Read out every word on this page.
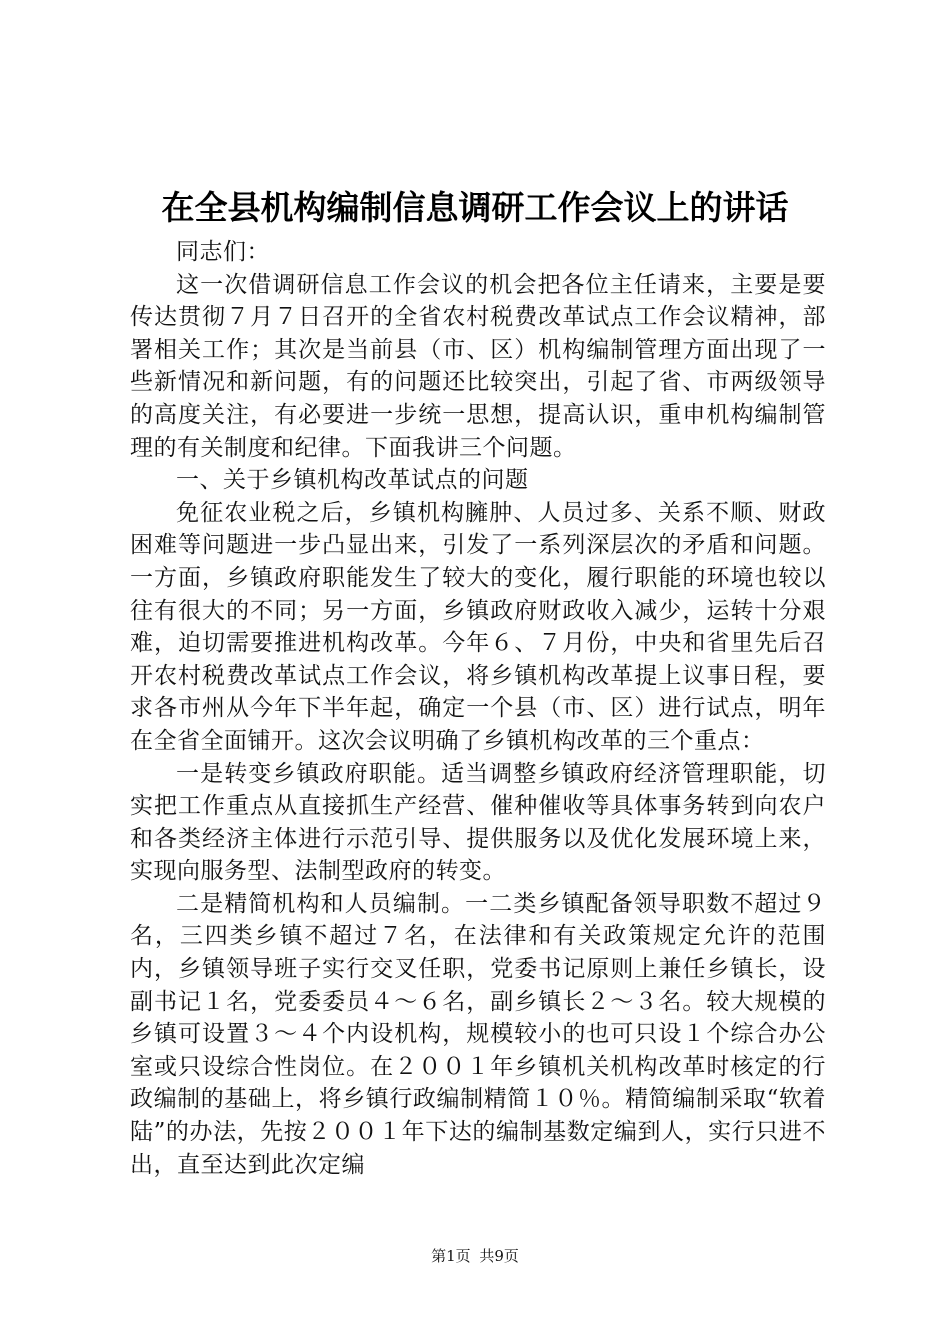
在全县机构编制信息调研工作会议上的讲话

同志们：

这一次借调研信息工作会议的机会把各位主任请来，主要是要传达贯彻７月７日召开的全省农村税费改革试点工作会议精神，部署相关工作；其次是当前县（市、区）机构编制管理方面出现了一些新情况和新问题，有的问题还比较突出，引起了省、市两级领导的高度关注，有必要进一步统一思想，提高认识，重申机构编制管理的有关制度和纪律。下面我讲三个问题。

一、关于乡镇机构改革试点的问题

免征农业税之后，乡镇机构臃肿、人员过多、关系不顺、财政困难等问题进一步凸显出来，引发了一系列深层次的矛盾和问题。一方面，乡镇政府职能发生了较大的变化，履行职能的环境也较以往有很大的不同；另一方面，乡镇政府财政收入减少，运转十分艰难，迫切需要推进机构改革。今年６、７月份，中央和省里先后召开农村税费改革试点工作会议，将乡镇机构改革提上议事日程，要求各市州从今年下半年起，确定一个县（市、区）进行试点，明年在全省全面铺开。这次会议明确了乡镇机构改革的三个重点：

一是转变乡镇政府职能。适当调整乡镇政府经济管理职能，切实把工作重点从直接抓生产经营、催种催收等具体事务转到向农户和各类经济主体进行示范引导、提供服务以及优化发展环境上来，实现向服务型、法制型政府的转变。

二是精简机构和人员编制。一二类乡镇配备领导职数不超过９名，三四类乡镇不超过７名，在法律和有关政策规定允许的范围内，乡镇领导班子实行交叉任职，党委书记原则上兼任乡镇长，设副书记１名，党委委员４～６名，副乡镇长２～３名。较大规模的乡镇可设置３～４个内设机构，规模较小的也可只设１个综合办公室或只设综合性岗位。在２００１年乡镇机关机构改革时核定的行政编制的基础上，将乡镇行政编制精简１０％。精简编制采取“软着陆”的办法，先按２００１年下达的编制基数定编到人，实行只进不出，直至达到此次定编

第1页 共9页
